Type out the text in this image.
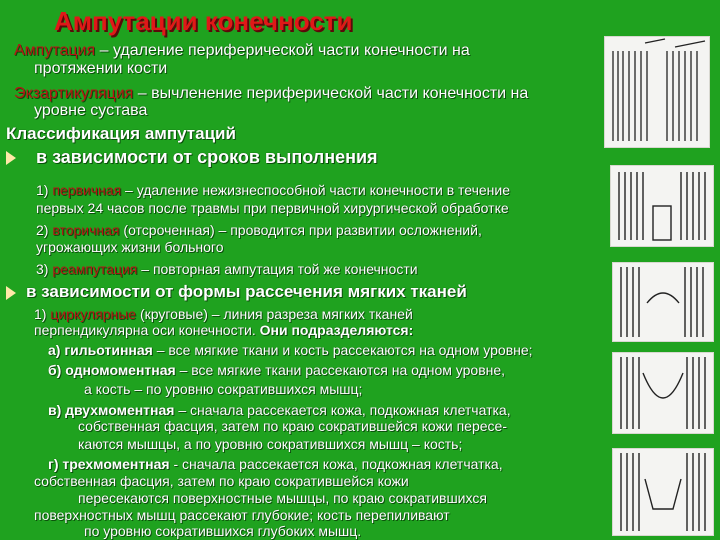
Ампутации конечности
Ампутация – удаление периферической части конечности на
протяжении кости
Экзартикуляция – вычленение периферической части конечности на
уровне сустава
Классификация ампутаций
в зависимости от сроков выполнения
1) первичная – удаление нежизнеспособной части конечности в течение
первых 24 часов после травмы при первичной хирургической обработке
2) вторичная (отсроченная) – проводится при развитии осложнений,
угрожающих жизни больного
3) реампутация – повторная ампутация той же конечности
в зависимости от формы рассечения мягких тканей
1) циркулярные (круговые) – линия разреза мягких тканей
перпендикулярна оси конечности. Они подразделяются:
а) гильотинная – все мягкие ткани и кость рассекаются на одном уровне;
б) одномоментная – все мягкие ткани рассекаются на одном уровне,
а кость – по уровню сократившихся мышц;
в) двухмоментная – сначала рассекается кожа, подкожная клетчатка,
собственная фасция, затем по краю сократившейся кожи пересе-
каются мышцы, а по уровню сократившихся мышц – кость;
г) трехмоментная - сначала рассекается кожа, подкожная клетчатка,
собственная фасция, затем по краю сократившейся кожи
пересекаются поверхностные мышцы, по краю сократившихся
поверхностных мышц рассекают глубокие; кость перепиливают
по уровню сократившихся глубоких мышц.
